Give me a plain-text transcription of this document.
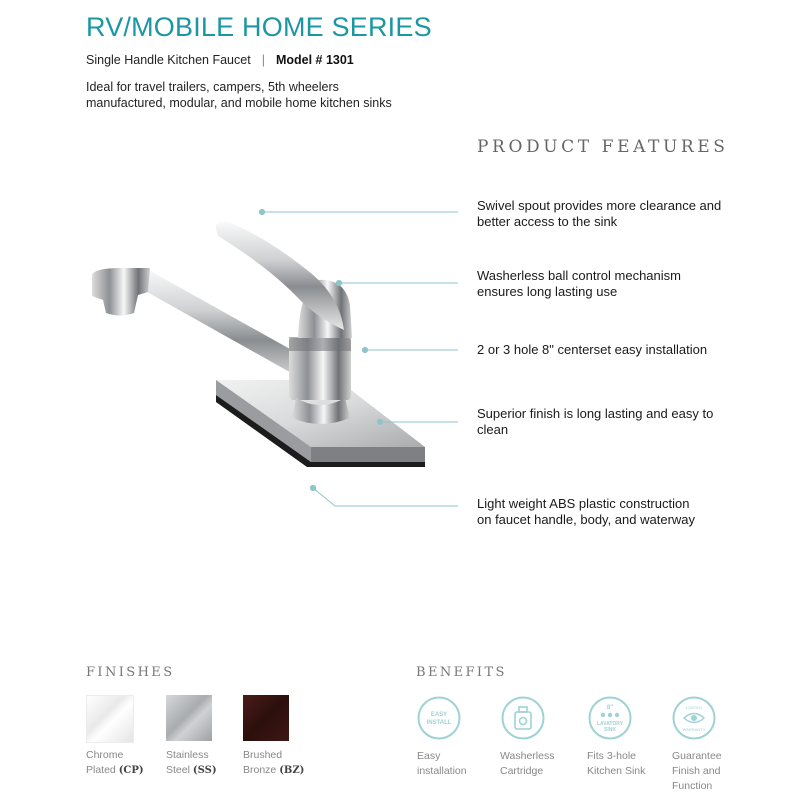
RV/MOBILE HOME SERIES
Single Handle Kitchen Faucet | Model # 1301
Ideal for travel trailers, campers, 5th wheelers
manufactured, modular, and mobile home kitchen sinks
PRODUCT FEATURES
Swivel spout provides more clearance and
better access to the sink
Washerless ball control mechanism
ensures long lasting use
2 or 3 hole 8" centerset easy installation
Superior finish is long lasting and easy to
clean
Light weight ABS plastic construction
on faucet handle, body, and waterway
FINISHES
Chrome
Plated (CP)
Stainless
Steel (SS)
Brushed
Bronze (BZ)
BENEFITS
EASY
INSTALL
Easy
installation
Washerless
Cartridge
8"
LAVATORY
SINK
Fits 3-hole
Kitchen Sink
LIMITED
WARRANTY
Guarantee
Finish and
Function
